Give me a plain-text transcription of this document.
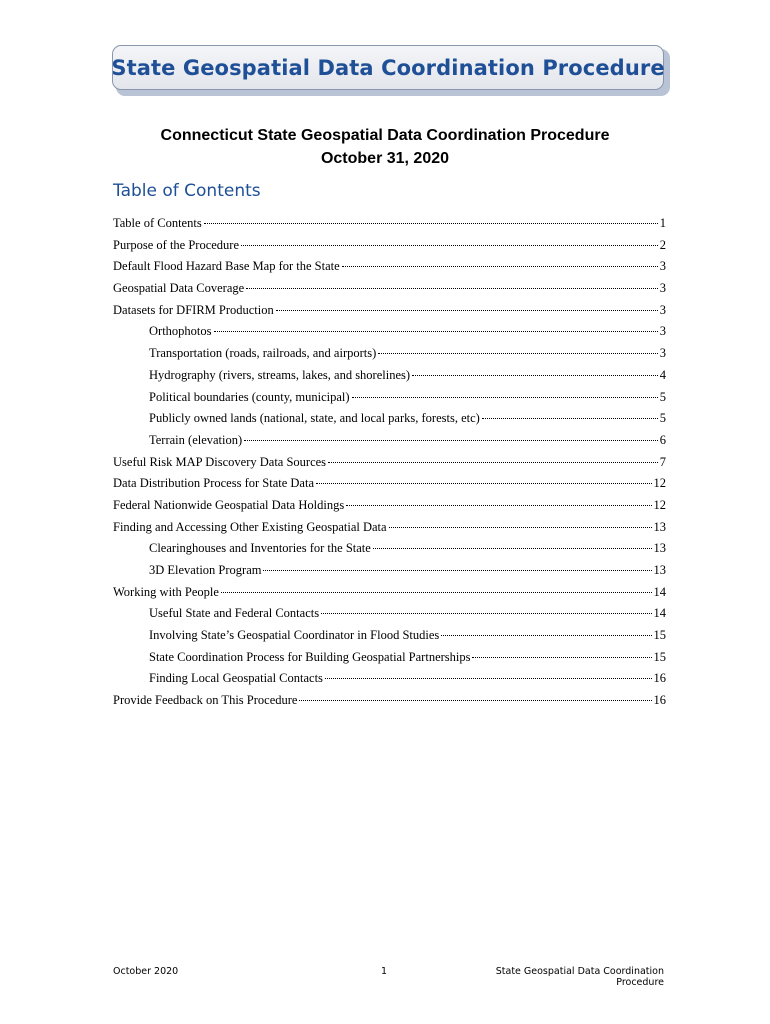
State Geospatial Data Coordination Procedure
Connecticut State Geospatial Data Coordination Procedure
October 31, 2020
Table of Contents
Table of Contents	1
Purpose of the Procedure	2
Default Flood Hazard Base Map for the State	3
Geospatial Data Coverage	3
Datasets for DFIRM Production	3
Orthophotos	3
Transportation (roads, railroads, and airports)	3
Hydrography (rivers, streams, lakes, and shorelines)	4
Political boundaries (county, municipal)	5
Publicly owned lands (national, state, and local parks, forests, etc)	5
Terrain (elevation)	6
Useful Risk MAP Discovery Data Sources	7
Data Distribution Process for State Data	12
Federal Nationwide Geospatial Data Holdings	12
Finding and Accessing Other Existing Geospatial Data	13
Clearinghouses and Inventories for the State	13
3D Elevation Program	13
Working with People	14
Useful State and Federal Contacts	14
Involving State’s Geospatial Coordinator in Flood Studies	15
State Coordination Process for Building Geospatial Partnerships	15
Finding Local Geospatial Contacts	16
Provide Feedback on This Procedure	16
October 2020	1	State Geospatial Data Coordination Procedure
